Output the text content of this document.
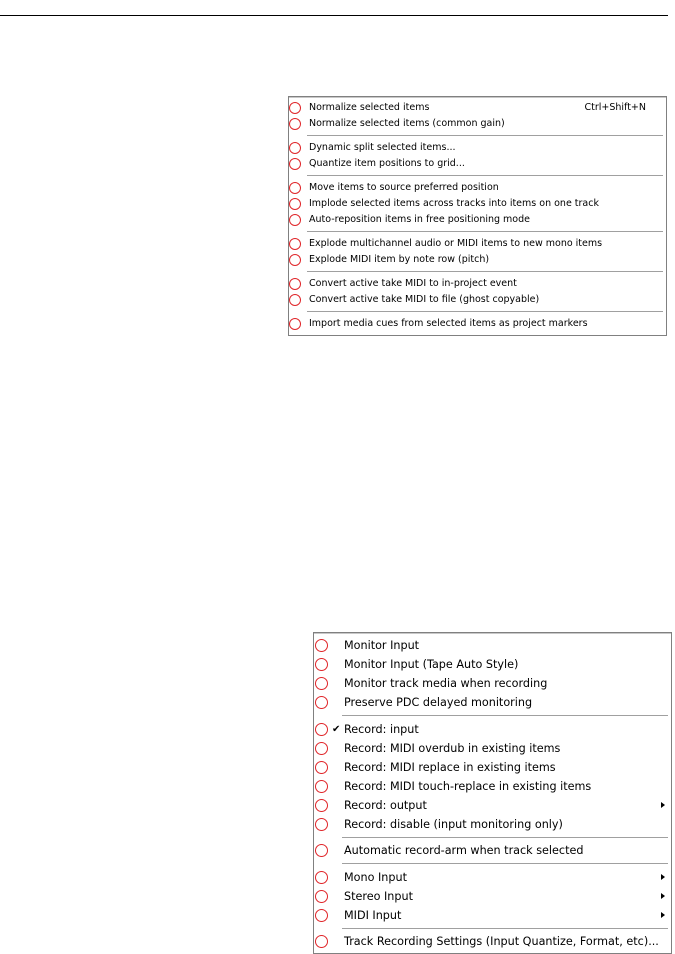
Normalize selected items	Ctrl+Shift+N
Normalize selected items (common gain)
Dynamic split selected items...
Quantize item positions to grid...
Move items to source preferred position
Implode selected items across tracks into items on one track
Auto-reposition items in free positioning mode
Explode multichannel audio or MIDI items to new mono items
Explode MIDI item by note row (pitch)
Convert active take MIDI to in-project event
Convert active take MIDI to file (ghost copyable)
Import media cues from selected items as project markers
Monitor Input
Monitor Input (Tape Auto Style)
Monitor track media when recording
Preserve PDC delayed monitoring
✔ Record: input
Record: MIDI overdub in existing items
Record: MIDI replace in existing items
Record: MIDI touch-replace in existing items
Record: output
Record: disable (input monitoring only)
Automatic record-arm when track selected
Mono Input
Stereo Input
MIDI Input
Track Recording Settings (Input Quantize, Format, etc)...
